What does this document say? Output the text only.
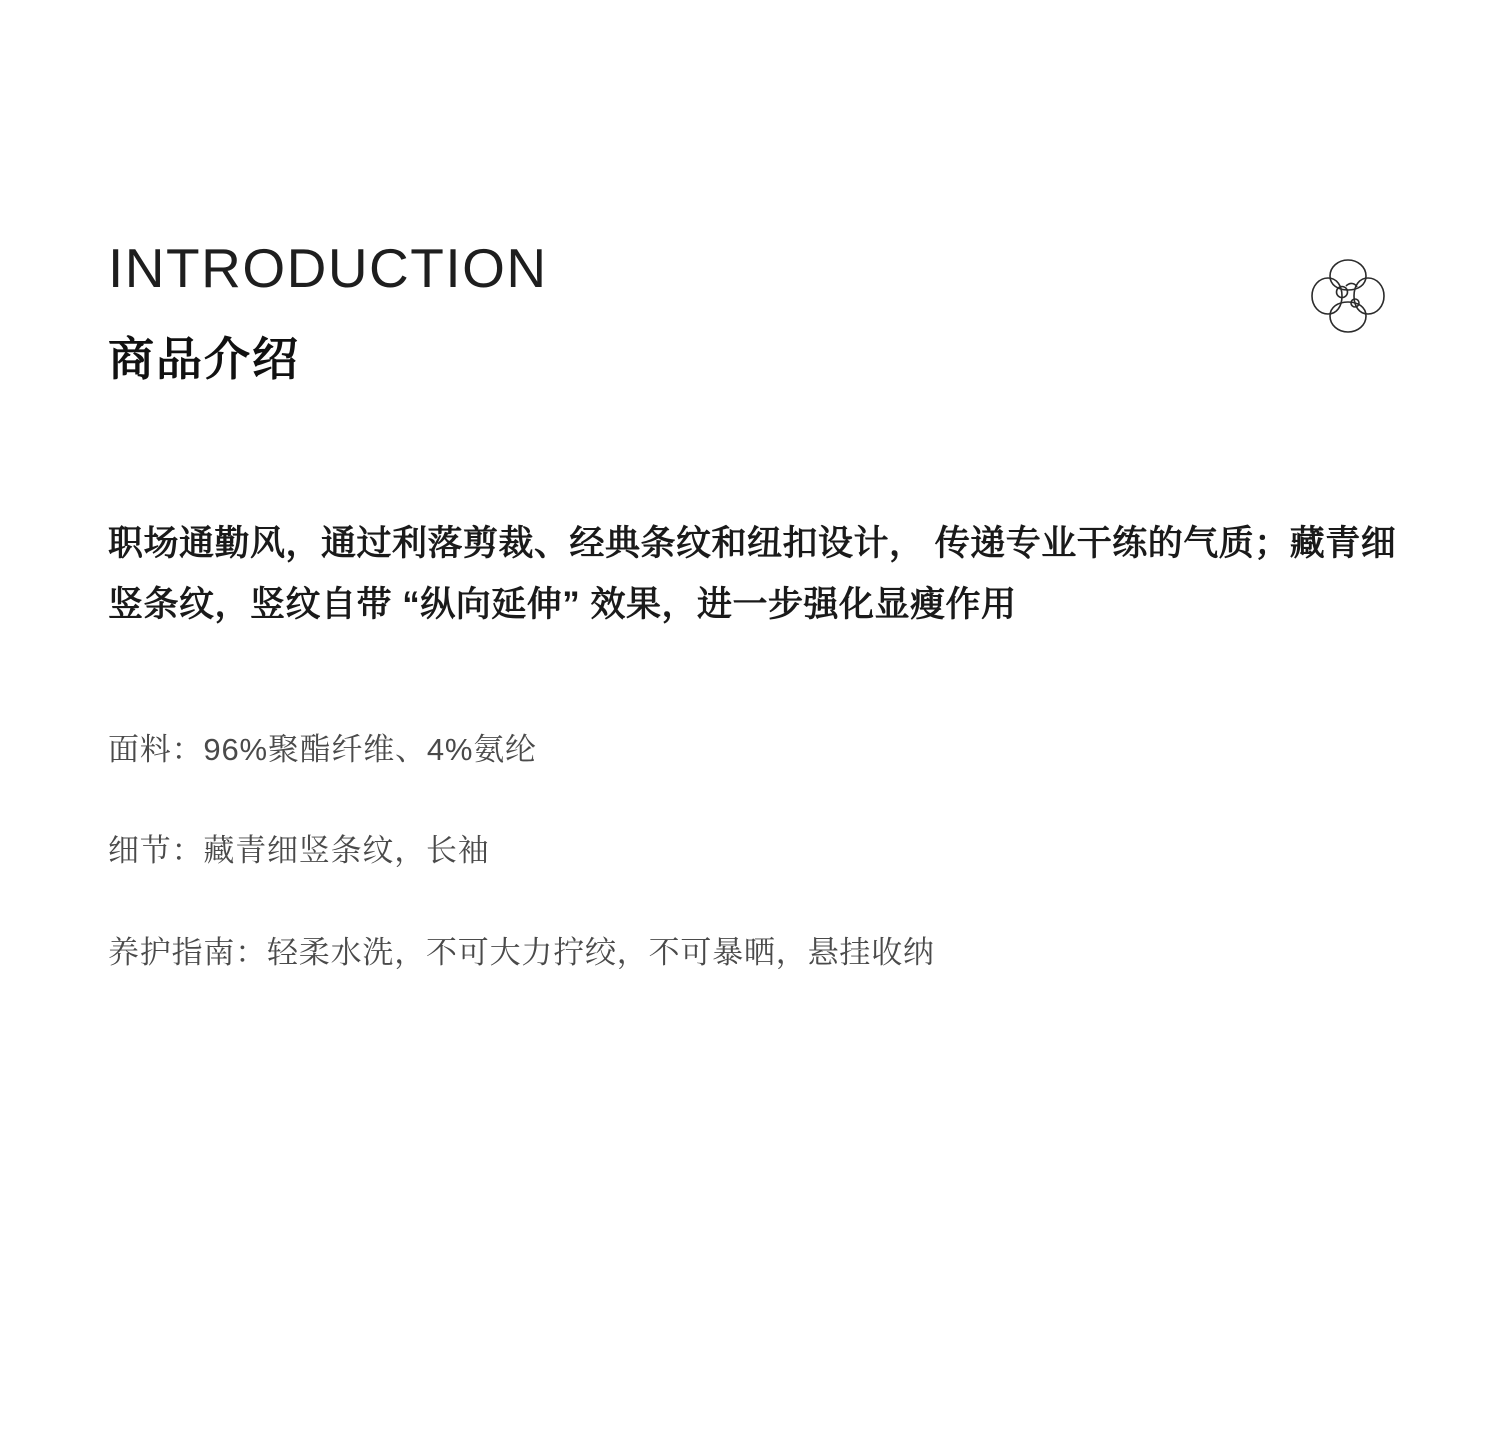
INTRODUCTION
商品介绍

职场通勤风，通过利落剪裁、经典条纹和纽扣设计， 传递专业干练的气质；藏青细竖条纹，竖纹自带 “纵向延伸” 效果，进一步强化显瘦作用

面料：96%聚酯纤维、4%氨纶
细节：藏青细竖条纹，长袖
养护指南：轻柔水洗，不可大力拧绞，不可暴晒，悬挂收纳
